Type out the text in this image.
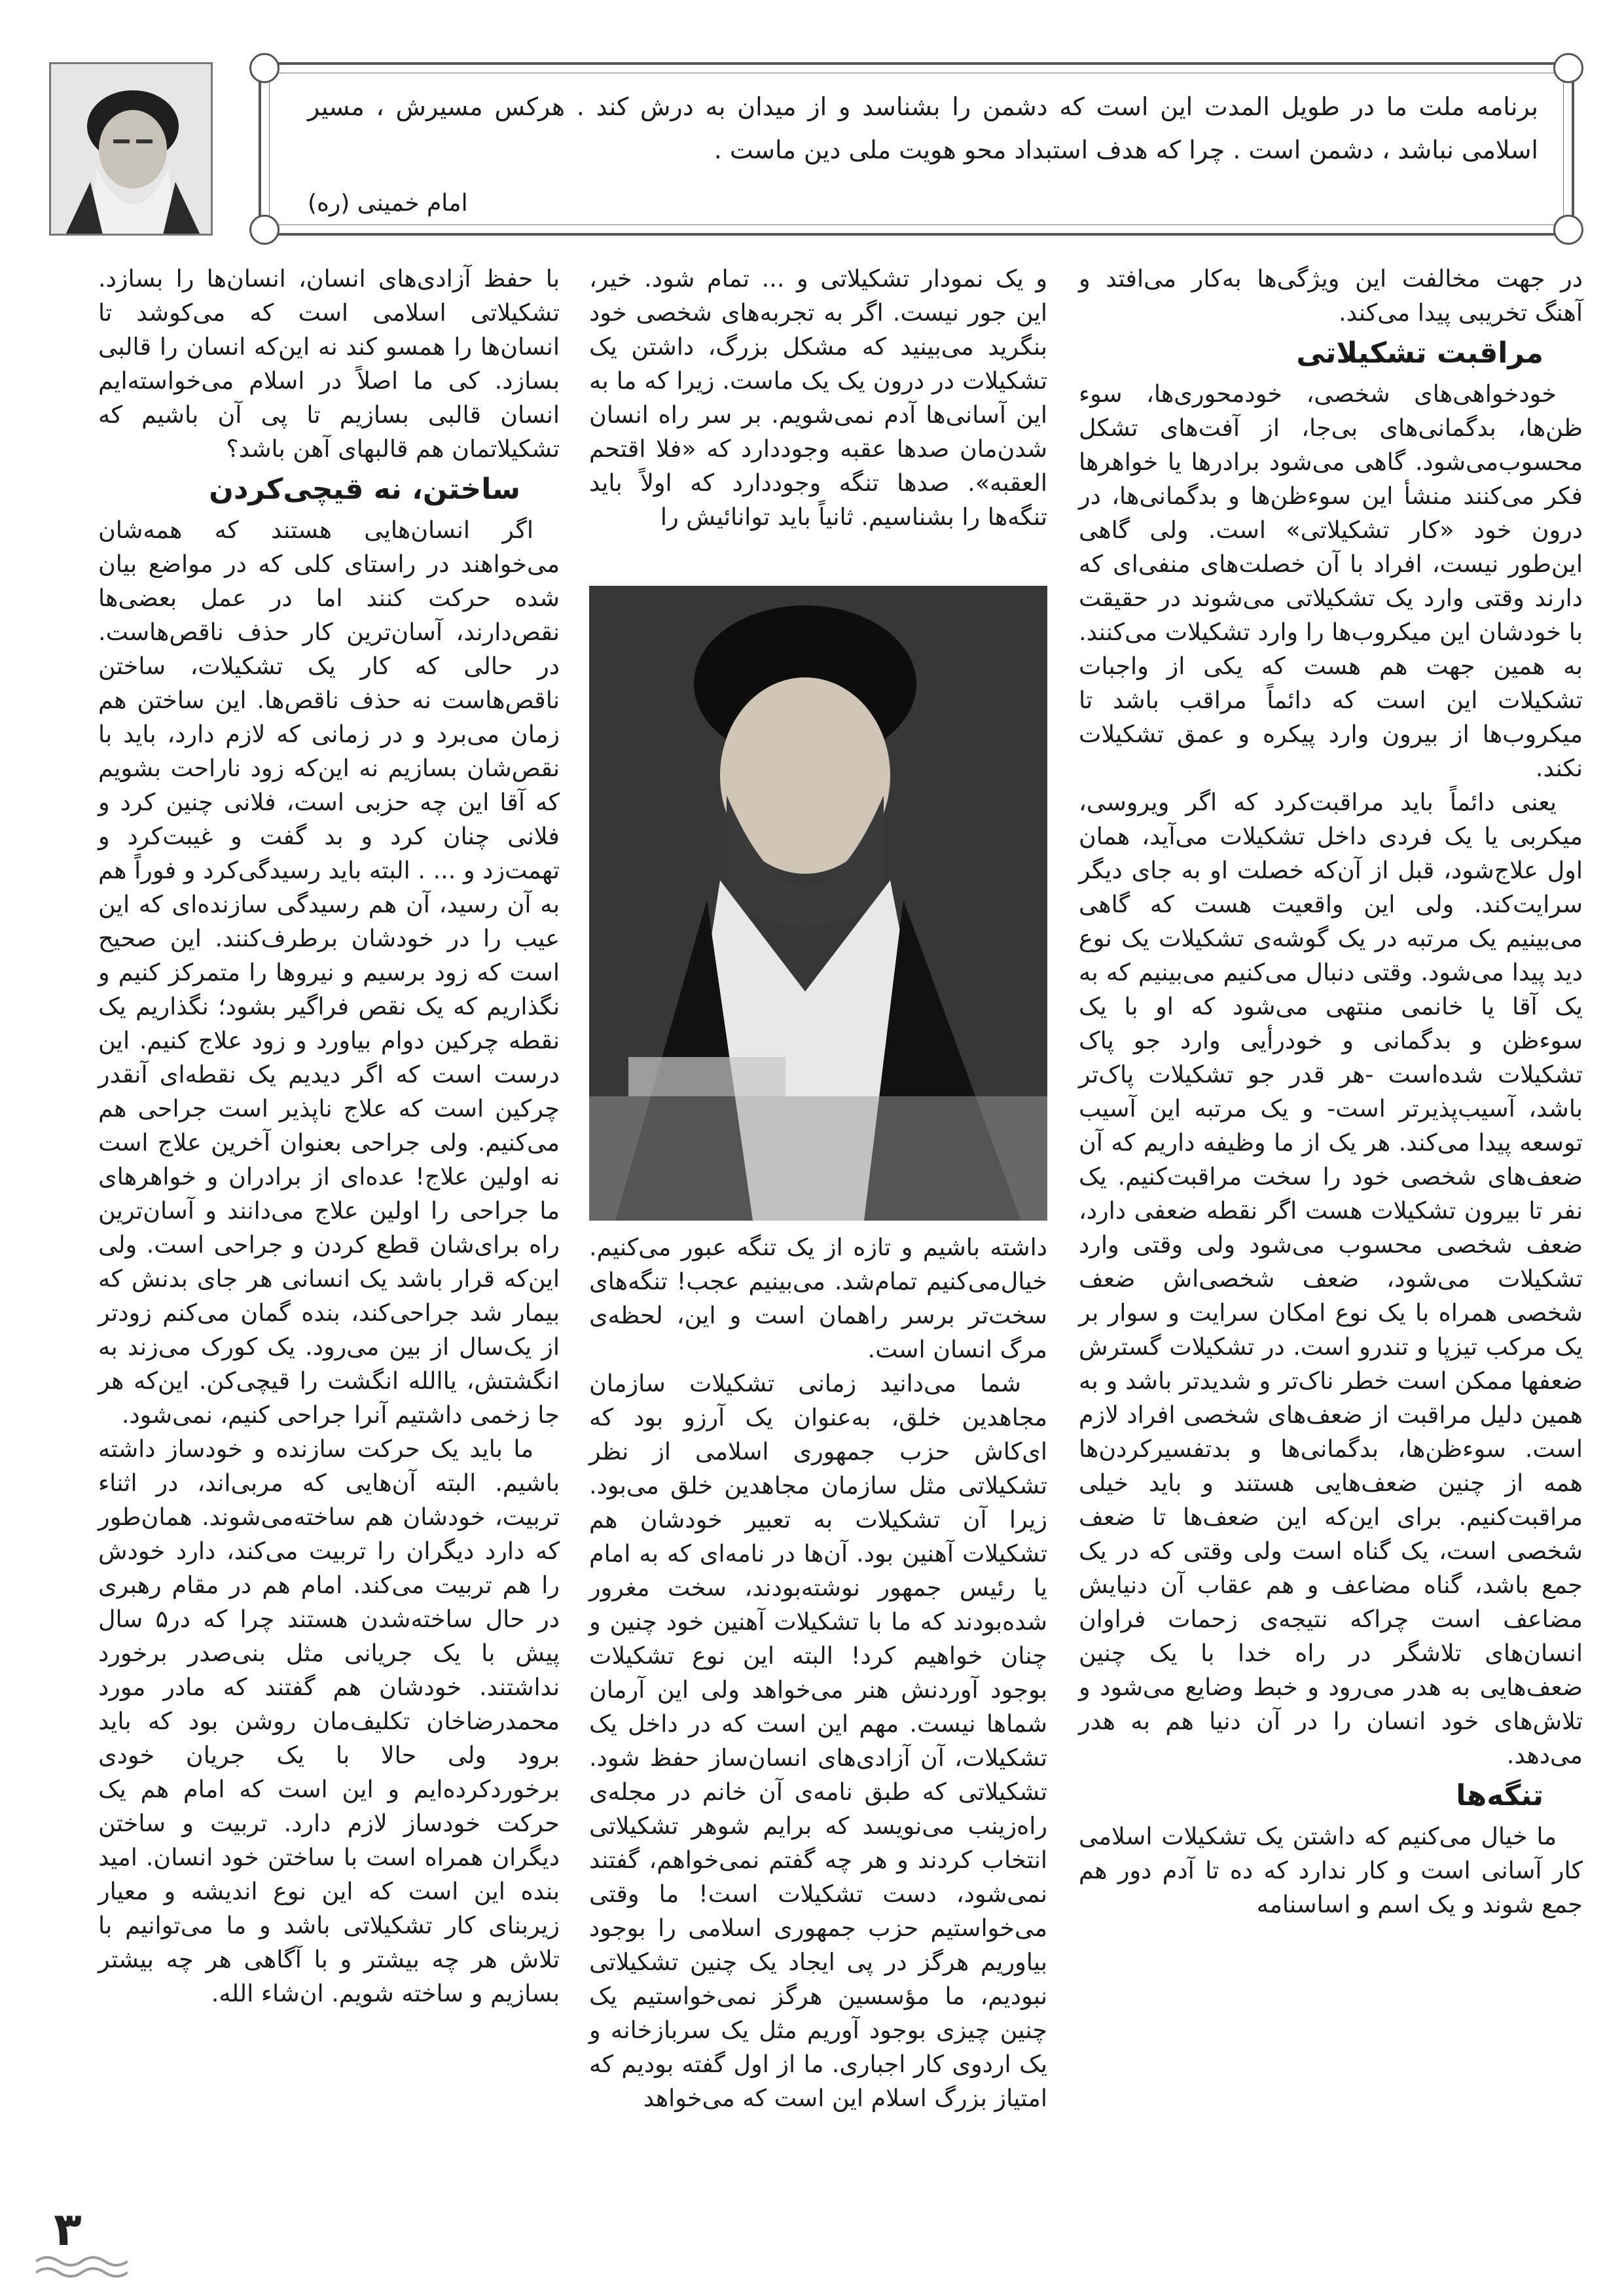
برنامه ملت ما در طویل المدت این است که دشمن را بشناسد و از میدان به درش کند . هرکس مسیرش ، مسیر اسلامی نباشد ، دشمن است . چرا که هدف استبداد محو هویت ملی دین ماست .
امام خمینی (ره)

در جهت مخالفت این ویژگی‌ها به‌کار می‌افتد و آهنگ تخریبی پیدا می‌کند.

مراقبت تشکیلاتی

خودخواهی‌های شخصی، خودمحوری‌ها، سوء ظن‌ها، بدگمانی‌های بی‌جا، از آفت‌های تشکل محسوب‌می‌شود. گاهی می‌شود برادرها یا خواهرها فکر می‌کنند منشأ این سوءظن‌ها و بدگمانی‌ها، در درون خود «کار تشکیلاتی» است. ولی گاهی این‌طور نیست، افراد با آن خصلت‌های منفی‌ای که دارند وقتی وارد یک تشکیلاتی می‌شوند در حقیقت با خودشان این میکروب‌ها را وارد تشکیلات می‌کنند. به همین جهت هم هست که یکی از واجبات تشکیلات این است که دائماً مراقب باشد تا میکروب‌ها از بیرون وارد پیکره و عمق تشکیلات نکند.

یعنی دائماً باید مراقبت‌کرد که اگر ویروسی، میکربی یا یک فردی داخل تشکیلات می‌آید، همان اول علاج‌شود، قبل از آن‌که خصلت او به جای دیگر سرایت‌کند. ولی این واقعیت هست که گاهی می‌بینیم یک مرتبه در یک گوشه‌ی تشکیلات یک نوع دید پیدا می‌شود. وقتی دنبال می‌کنیم می‌بینیم که به یک آقا یا خانمی منتهی می‌شود که او با یک سوءظن و بدگمانی و خودرأیی وارد جو پاک تشکیلات شده‌است -هر قدر جو تشکیلات پاک‌تر باشد، آسیب‌پذیرتر است- و یک مرتبه این آسیب توسعه پیدا می‌کند. هر یک از ما وظیفه داریم که آن ضعف‌های شخصی خود را سخت مراقبت‌کنیم. یک نفر تا بیرون تشکیلات هست اگر نقطه ضعفی دارد، ضعف شخصی محسوب می‌شود ولی وقتی وارد تشکیلات می‌شود، ضعف شخصی‌اش ضعف شخصی همراه با یک نوع امکان سرایت و سوار بر یک مرکب تیزپا و تندرو است. در تشکیلات گسترش ضعفها ممکن است خطر ناک‌تر و شدیدتر باشد و به همین دلیل مراقبت از ضعف‌های شخصی افراد لازم است. سوءظن‌ها، بدگمانی‌ها و بدتفسیرکردن‌ها همه از چنین ضعف‌هایی هستند و باید خیلی مراقبت‌کنیم. برای این‌که این ضعف‌ها تا ضعف شخصی است، یک گناه است ولی وقتی که در یک جمع باشد، گناه مضاعف و هم عقاب آن دنیایش مضاعف است چراکه نتیجه‌ی زحمات فراوان انسان‌های تلاشگر در راه خدا با یک چنین ضعف‌هایی به هدر می‌رود و خبط وضایع می‌شود و تلاش‌های خود انسان را در آن دنیا هم به هدر می‌دهد.

تنگه‌ها

ما خیال می‌کنیم که داشتن یک تشکیلات اسلامی کار آسانی است و کار ندارد که ده تا آدم دور هم جمع شوند و یک اسم و اساسنامه

و یک نمودار تشکیلاتی و ... تمام شود. خیر، این جور نیست. اگر به تجربه‌های شخصی خود بنگرید می‌بینید که مشکل بزرگ، داشتن یک تشکیلات در درون یک یک ماست. زیرا که ما به این آسانی‌ها آدم نمی‌شویم. بر سر راه انسان شدن‌مان صدها عقبه وجوددارد که «فلا اقتحم العقبه». صدها تنگه وجوددارد که اولاً باید تنگه‌ها را بشناسیم. ثانیاً باید توانائیش را

داشته باشیم و تازه از یک تنگه عبور می‌کنیم. خیال‌می‌کنیم تمام‌شد. می‌بینیم عجب! تنگه‌های سخت‌تر برسر راهمان است و این، لحظه‌ی مرگ انسان است.

شما می‌دانید زمانی تشکیلات سازمان مجاهدین خلق، به‌عنوان یک آرزو بود که ای‌کاش حزب جمهوری اسلامی از نظر تشکیلاتی مثل سازمان مجاهدین خلق می‌بود. زیرا آن تشکیلات به تعبیر خودشان هم تشکیلات آهنین بود. آن‌ها در نامه‌ای که به امام یا رئیس جمهور نوشته‌بودند، سخت مغرور شده‌بودند که ما با تشکیلات آهنین خود چنین و چنان خواهیم کرد! البته این نوع تشکیلات بوجود آوردنش هنر می‌خواهد ولی این آرمان شماها نیست. مهم این است که در داخل یک تشکیلات، آن آزادی‌های انسان‌ساز حفظ شود. تشکیلاتی که طبق نامه‌ی آن خانم در مجله‌ی راه‌زینب می‌نویسد که برایم شوهر تشکیلاتی انتخاب کردند و هر چه گفتم نمی‌خواهم، گفتند نمی‌شود، دست تشکیلات است! ما وقتی می‌خواستیم حزب جمهوری اسلامی را بوجود بیاوریم هرگز در پی ایجاد یک چنین تشکیلاتی نبودیم، ما مؤسسین هرگز نمی‌خواستیم یک چنین چیزی بوجود آوریم مثل یک سربازخانه و یک اردوی کار اجباری. ما از اول گفته بودیم که امتیاز بزرگ اسلام این است که می‌خواهد

با حفظ آزادی‌های انسان، انسان‌ها را بسازد. تشکیلاتی اسلامی است که می‌کوشد تا انسان‌ها را همسو کند نه این‌که انسان را قالبی بسازد. کی ما اصلاً در اسلام می‌خواسته‌ایم انسان قالبی بسازیم تا پی آن باشیم که تشکیلاتمان هم قالبهای آهن باشد؟

ساختن، نه قیچی‌کردن

اگر انسان‌هایی هستند که همه‌شان می‌خواهند در راستای کلی که در مواضع بیان شده حرکت کنند اما در عمل بعضی‌ها نقص‌دارند، آسان‌ترین کار حذف ناقص‌هاست. در حالی که کار یک تشکیلات، ساختن ناقص‌هاست نه حذف ناقص‌ها. این ساختن هم زمان می‌برد و در زمانی که لازم دارد، باید با نقص‌شان بسازیم نه این‌که زود ناراحت بشویم که آقا این چه حزبی است، فلانی چنین کرد و فلانی چنان کرد و بد گفت و غیبت‌کرد و تهمت‌زد و ... . البته باید رسیدگی‌کرد و فوراً هم به آن رسید، آن هم رسیدگی سازنده‌ای که این عیب را در خودشان برطرف‌کنند. این صحیح است که زود برسیم و نیروها را متمرکز کنیم و نگذاریم که یک نقص فراگیر بشود؛ نگذاریم یک نقطه چرکین دوام بیاورد و زود علاج کنیم. این درست است که اگر دیدیم یک نقطه‌ای آنقدر چرکین است که علاج ناپذیر است جراحی هم می‌کنیم. ولی جراحی بعنوان آخرین علاج است نه اولین علاج! عده‌ای از برادران و خواهرهای ما جراحی را اولین علاج می‌دانند و آسان‌ترین راه برای‌شان قطع کردن و جراحی است. ولی این‌که قرار باشد یک انسانی هر جای بدنش که بیمار شد جراحی‌کند، بنده گمان می‌کنم زودتر از یک‌سال از بین می‌رود. یک کورک می‌زند به انگشتش، یاالله انگشت را قیچی‌کن. این‌که هر جا زخمی داشتیم آنرا جراحی کنیم، نمی‌شود.

ما باید یک حرکت سازنده و خودساز داشته باشیم. البته آن‌هایی که مربی‌اند، در اثناء تربیت، خودشان هم ساخته‌می‌شوند. همان‌طور که دارد دیگران را تربیت می‌کند، دارد خودش را هم تربیت می‌کند. امام هم در مقام رهبری در حال ساخته‌شدن هستند چرا که در۵ سال پیش با یک جریانی مثل بنی‌صدر برخورد نداشتند. خودشان هم گفتند که مادر مورد محمدرضاخان تکلیف‌مان روشن بود که باید برود ولی حالا با یک جریان خودی برخوردکرده‌ایم و این است که امام هم یک حرکت خودساز لازم دارد. تربیت و ساختن دیگران همراه است با ساختن خود انسان. امید بنده این است که این نوع اندیشه و معیار زیربنای کار تشکیلاتی باشد و ما می‌توانیم با تلاش هر چه بیشتر و با آگاهی هر چه بیشتر بسازیم و ساخته شویم. ان‌شاء الله.

۳
